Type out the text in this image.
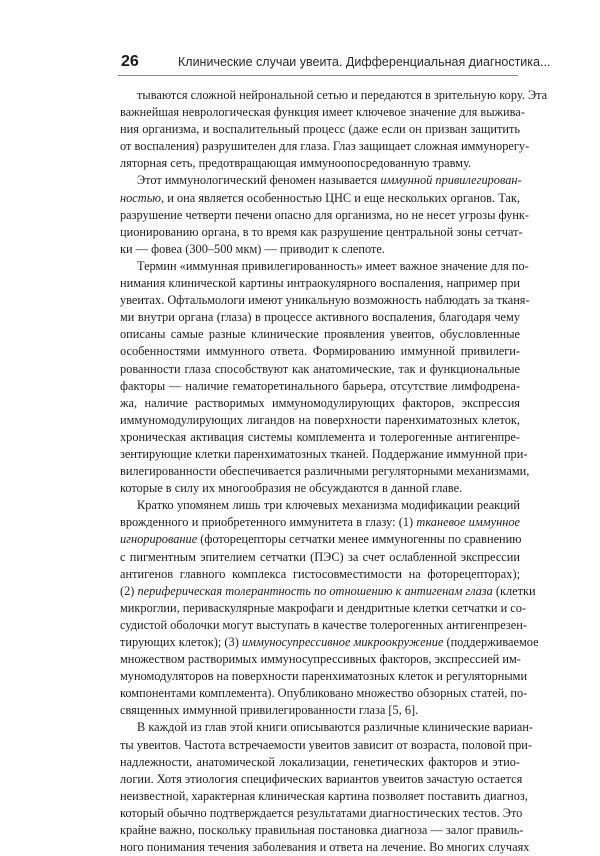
26	Клинические случаи увеита. Дифференциальная диагностика...
тываются сложной нейрональной сетью и передаются в зрительную кору. Эта
важнейшая неврологическая функция имеет ключевое значение для выжива-
ния организма, и воспалительный процесс (даже если он призван защитить
от воспаления) разрушителен для глаза. Глаз защищает сложная иммунорегу-
ляторная сеть, предотвращающая иммуноопосредованную травму.
Этот иммунологический феномен называется иммунной привилегирован-
ностью, и она является особенностью ЦНС и еще нескольких органов. Так,
разрушение четверти печени опасно для организма, но не несет угрозы функ-
ционированию органа, в то время как разрушение центральной зоны сетчат-
ки — фовеа (300–500 мкм) — приводит к слепоте.
Термин «иммунная привилегированность» имеет важное значение для по-
нимания клинической картины интраокулярного воспаления, например при
увеитах. Офтальмологи имеют уникальную возможность наблюдать за тканя-
ми внутри органа (глаза) в процессе активного воспаления, благодаря чему
описаны самые разные клинические проявления увеитов, обусловленные
особенностями иммунного ответа. Формированию иммунной привилеги-
рованности глаза способствуют как анатомические, так и функциональные
факторы — наличие гематоретинального барьера, отсутствие лимфодрена-
жа, наличие растворимых иммуномодулирующих факторов, экспрессия
иммуномодулирующих лигандов на поверхности паренхиматозных клеток,
хроническая активация системы комплемента и толерогенные антигенпре-
зентирующие клетки паренхиматозных тканей. Поддержание иммунной при-
вилегированности обеспечивается различными регуляторными механизмами,
которые в силу их многообразия не обсуждаются в данной главе.
Кратко упомянем лишь три ключевых механизма модификации реакций
врожденного и приобретенного иммунитета в глазу: (1) тканевое иммунное
игнорирование (фоторецепторы сетчатки менее иммуногенны по сравнению
с пигментным эпителием сетчатки (ПЭС) за счет ослабленной экспрессии
антигенов главного комплекса гистосовместимости на фоторецепторах);
(2) периферическая толерантность по отношению к антигенам глаза (клетки
микроглии, периваскулярные макрофаги и дендритные клетки сетчатки и со-
судистой оболочки могут выступать в качестве толерогенных антигенпрезен-
тирующих клеток); (3) иммуносупрессивное микроокружение (поддерживаемое
множеством растворимых иммуносупрессивных факторов, экспрессией им-
муномодуляторов на поверхности паренхиматозных клеток и регуляторными
компонентами комплемента). Опубликовано множество обзорных статей, по-
священных иммунной привилегированности глаза [5, 6].
В каждой из глав этой книги описываются различные клинические вариан-
ты увеитов. Частота встречаемости увеитов зависит от возраста, половой при-
надлежности, анатомической локализации, генетических факторов и этио-
логии. Хотя этиология специфических вариантов увеитов зачастую остается
неизвестной, характерная клиническая картина позволяет поставить диагноз,
который обычно подтверждается результатами диагностических тестов. Это
крайне важно, поскольку правильная постановка диагноза — залог правиль-
ного понимания течения заболевания и ответа на лечение. Во многих случаях
